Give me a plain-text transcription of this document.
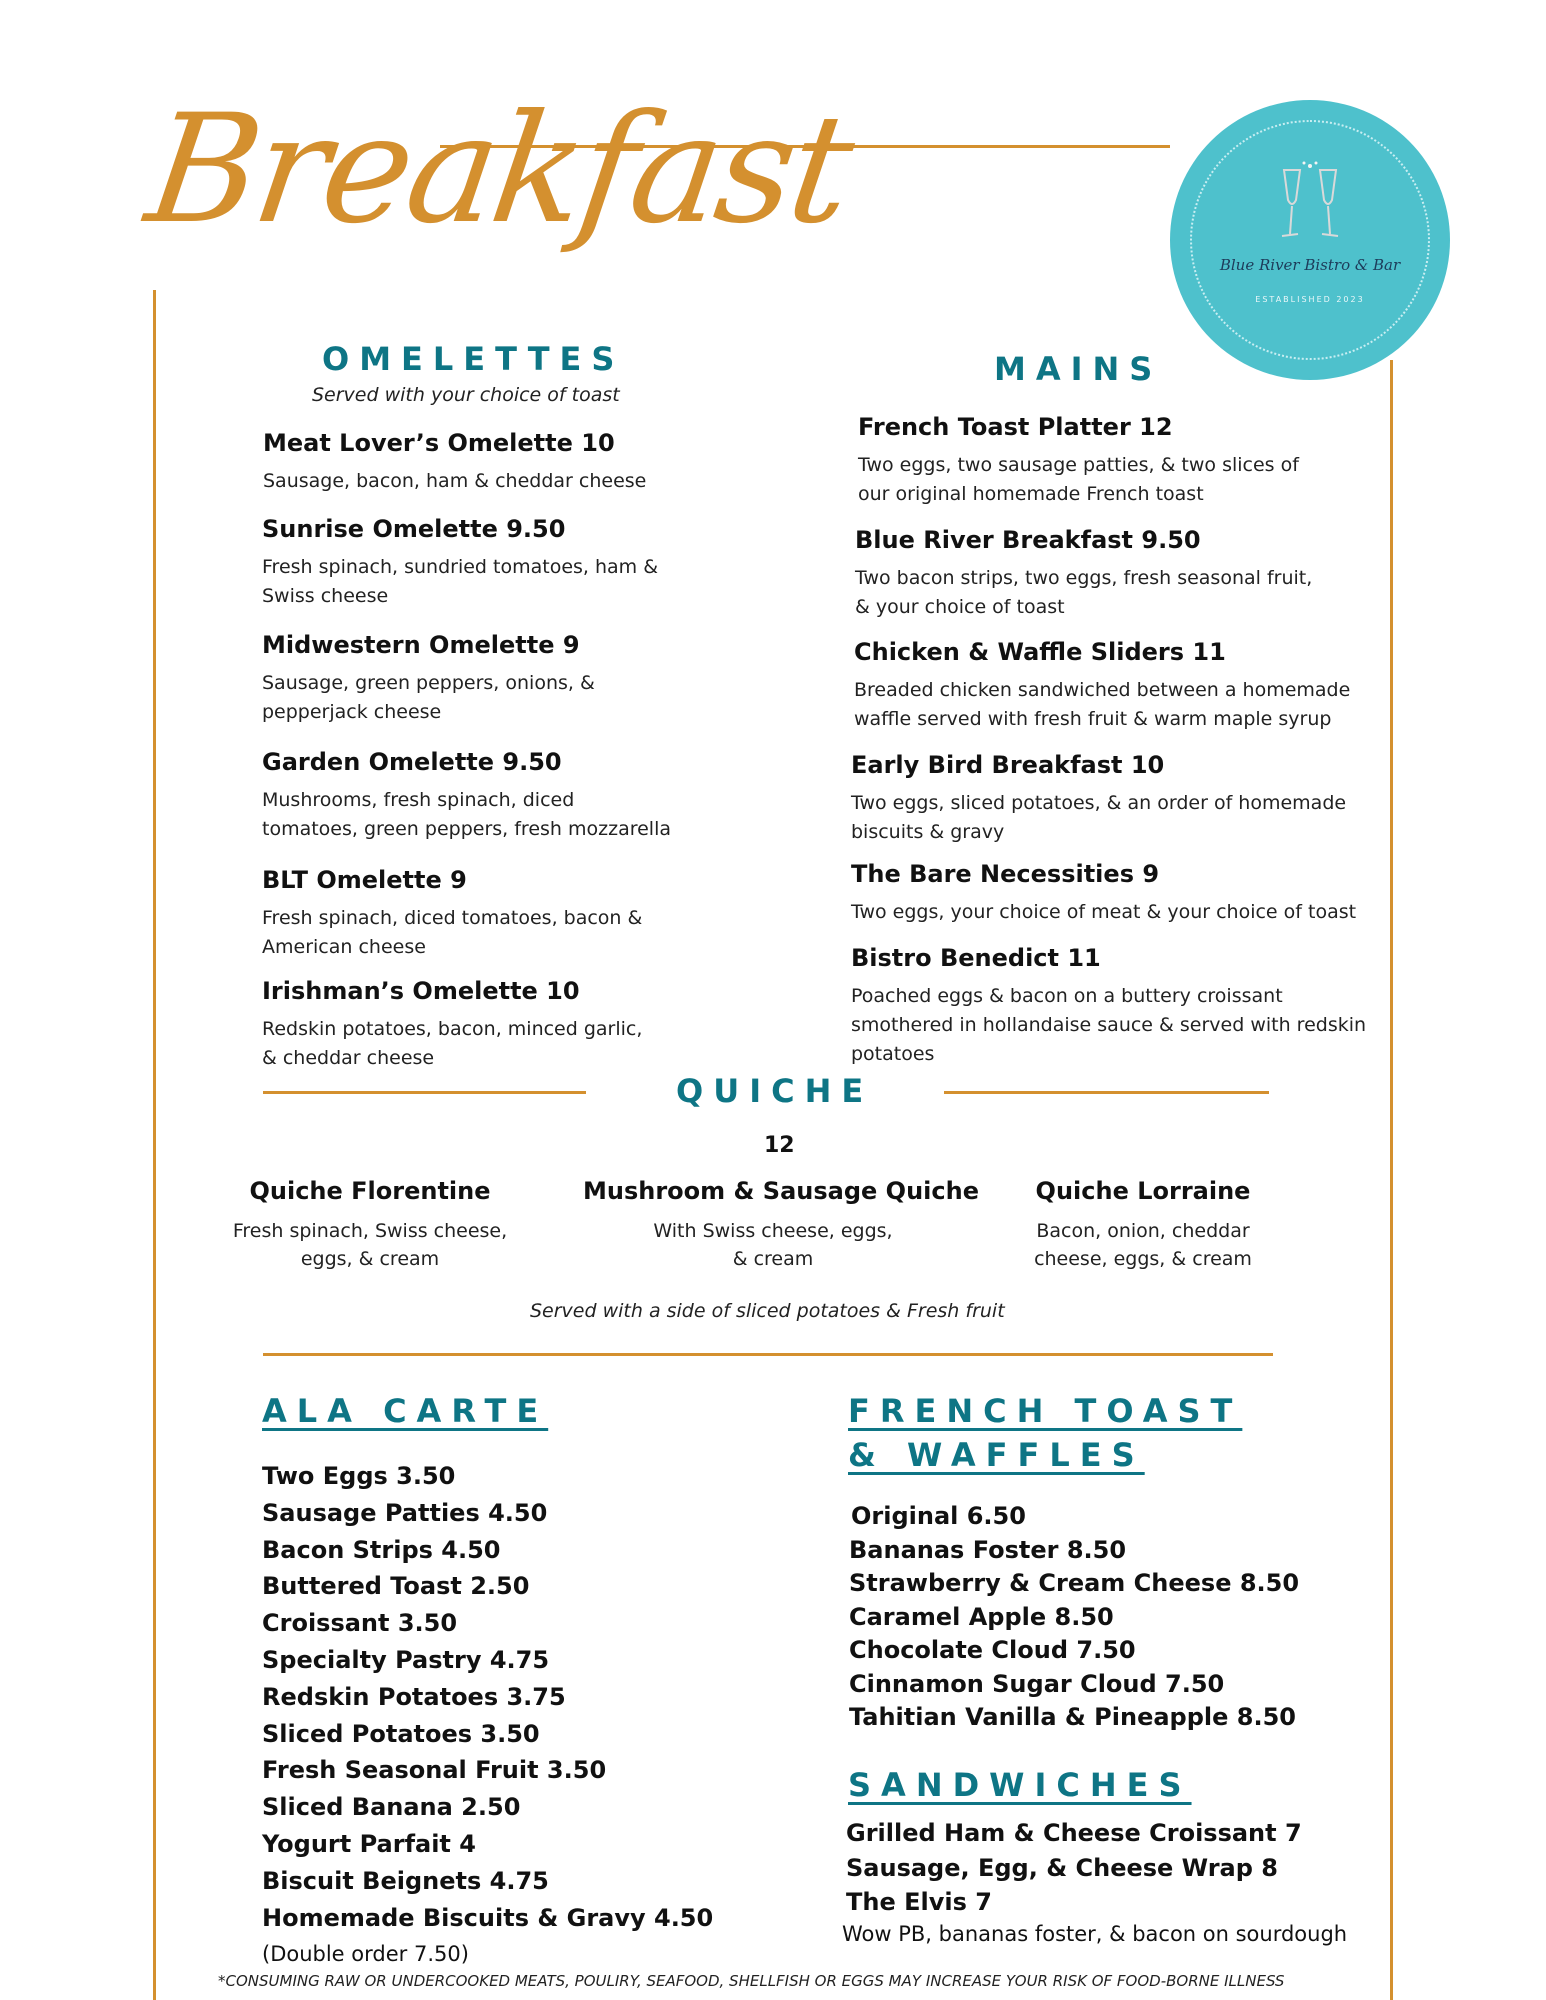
Breakfast
Blue River Bistro & Bar
ESTABLISHED 2023
OMELETTES
Served with your choice of toast
Meat Lover’s Omelette 10
Sausage, bacon, ham & cheddar cheese
Sunrise Omelette 9.50
Fresh spinach, sundried tomatoes, ham & Swiss cheese
Midwestern Omelette 9
Sausage, green peppers, onions, & pepperjack cheese
Garden Omelette 9.50
Mushrooms, fresh spinach, diced tomatoes, green peppers, fresh mozzarella
BLT Omelette 9
Fresh spinach, diced tomatoes, bacon & American cheese
Irishman’s Omelette 10
Redskin potatoes, bacon, minced garlic, & cheddar cheese
MAINS
French Toast Platter 12
Two eggs, two sausage patties, & two slices of our original homemade French toast
Blue River Breakfast 9.50
Two bacon strips, two eggs, fresh seasonal fruit, & your choice of toast
Chicken & Waffle Sliders 11
Breaded chicken sandwiched between a homemade waffle served with fresh fruit & warm maple syrup
Early Bird Breakfast 10
Two eggs, sliced potatoes, & an order of homemade biscuits & gravy
The Bare Necessities 9
Two eggs, your choice of meat & your choice of toast
Bistro Benedict 11
Poached eggs & bacon on a buttery croissant smothered in hollandaise sauce & served with redskin potatoes
QUICHE
12
Quiche Florentine
Fresh spinach, Swiss cheese, eggs, & cream
Mushroom & Sausage Quiche
With Swiss cheese, eggs, & cream
Quiche Lorraine
Bacon, onion, cheddar cheese, eggs, & cream
Served with a side of sliced potatoes & Fresh fruit
ALA CARTE
Two Eggs 3.50
Sausage Patties 4.50
Bacon Strips 4.50
Buttered Toast 2.50
Croissant 3.50
Specialty Pastry 4.75
Redskin Potatoes 3.75
Sliced Potatoes 3.50
Fresh Seasonal Fruit 3.50
Sliced Banana 2.50
Yogurt Parfait 4
Biscuit Beignets 4.75
Homemade Biscuits & Gravy 4.50
(Double order 7.50)
FRENCH TOAST
& WAFFLES
Original 6.50
Bananas Foster 8.50
Strawberry & Cream Cheese 8.50
Caramel Apple 8.50
Chocolate Cloud 7.50
Cinnamon Sugar Cloud 7.50
Tahitian Vanilla & Pineapple 8.50
SANDWICHES
Grilled Ham & Cheese Croissant 7
Sausage, Egg, & Cheese Wrap 8
The Elvis 7
Wow PB, bananas foster, & bacon on sourdough
*CONSUMING RAW OR UNDERCOOKED MEATS, POULIRY, SEAFOOD, SHELLFISH OR EGGS MAY INCREASE YOUR RISK OF FOOD-BORNE ILLNESS
